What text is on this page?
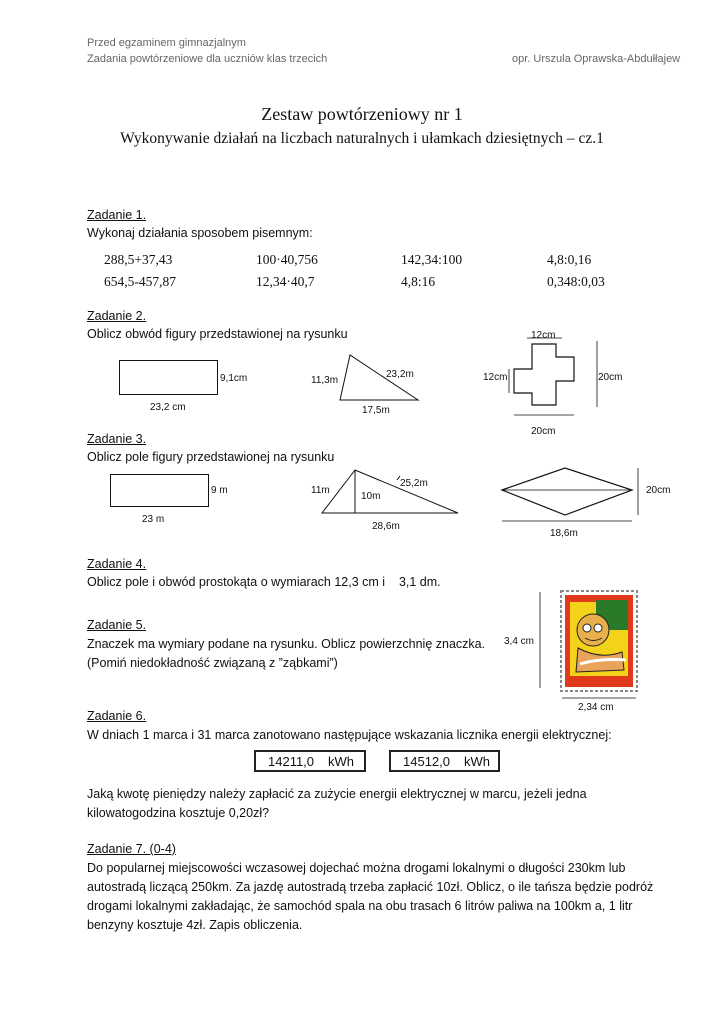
Przed egzaminem gimnazjalnym
Zadania powtórzeniowe dla uczniów klas trzecich	opr. Urszula Oprawska-Abdułłajew
Zestaw powtórzeniowy nr 1
Wykonywanie działań na liczbach naturalnych i ułamkach dziesiętnych – cz.1
Zadanie 1.
Wykonaj działania sposobem pisemnym:
288,5+37,43	100·40,756	142,34:100	4,8:0,16
654,5-457,87	12,34·40,7	4,8:16	0,348:0,03
Zadanie 2.
Oblicz obwód figury przedstawionej na rysunku
9,1cm
23,2 cm
11,3m
23,2m
17,5m
12cm
12cm	20cm
20cm
Zadanie 3.
Oblicz pole figury przedstawionej na rysunku
9 m
23 m
11m
10m
25,2m
28,6m
20cm
18,6m
Zadanie 4.
Oblicz pole i obwód prostokąta o wymiarach 12,3 cm i    3,1 dm.
Zadanie 5.
Znaczek ma wymiary podane na rysunku. Oblicz powierzchnię znaczka.
(Pomiń niedokładność związaną z ”ząbkami”)
3,4 cm
2,34 cm
Zadanie 6.
W dniach 1 marca i 31 marca zanotowano następujące wskazania licznika energii elektrycznej:
14211,0 kWh	14512,0 kWh
Jaką kwotę pieniędzy należy zapłacić za zużycie energii elektrycznej w marcu, jeżeli jedna
kilowatogodzina kosztuje 0,20zł?
Zadanie 7. (0-4)
Do popularnej miejscowości wczasowej dojechać można drogami lokalnymi o długości 230km lub
autostradą liczącą 250km. Za jazdę autostradą trzeba zapłacić 10zł. Oblicz, o ile tańsza będzie podróż
drogami lokalnymi zakładając, że samochód spala na obu trasach 6 litrów paliwa na 100km a, 1 litr
benzyny kosztuje 4zł. Zapis obliczenia.
